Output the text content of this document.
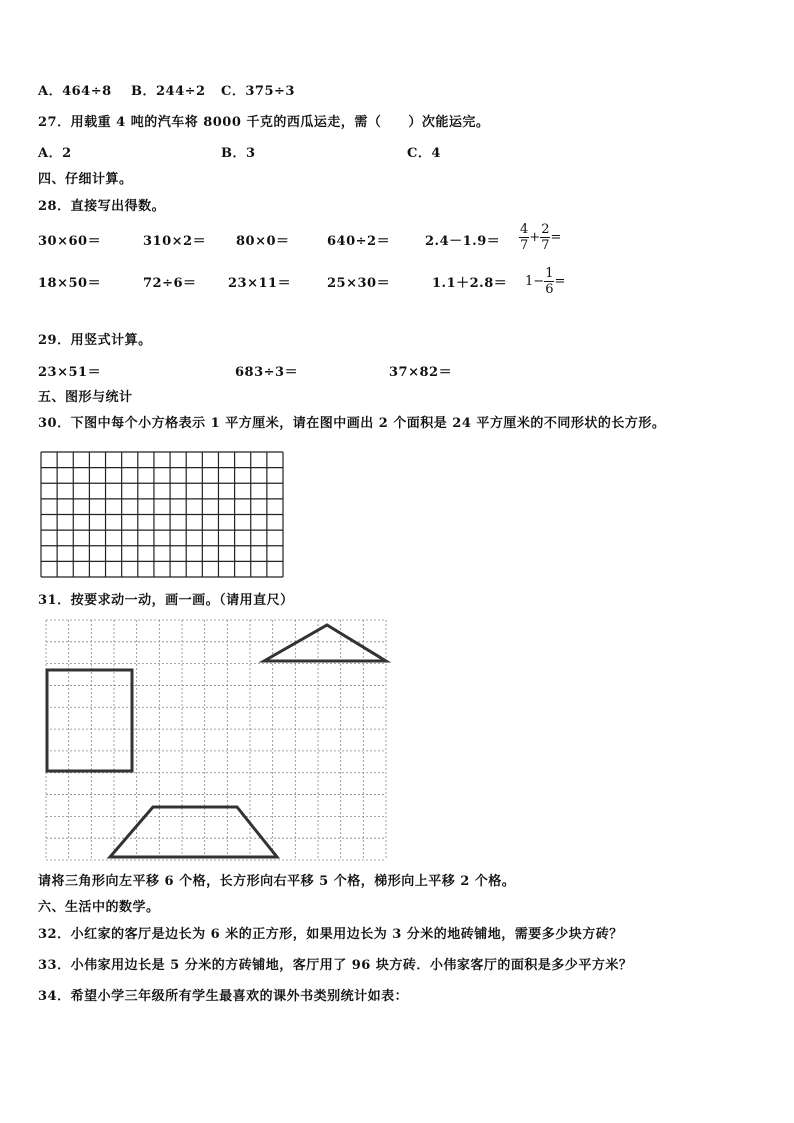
A．464÷8 B．244÷2 C．375÷3
27．用载重 4 吨的汽车将 8000 千克的西瓜运走，需（　　）次能运完。
A．2	B．3	C．4
四、仔细计算。
28．直接写出得数。
30×60＝	310×2＝ 80×0＝	640÷2＝	$2.4-1.9= \frac{4}{7} + \frac{2}{7}$ =
18×50＝	72÷6＝ 23×11＝	25×30＝	$1.1+2.8= 1- \frac{1}{6}$ =
29．用竖式计算。
23×51＝	683÷3＝	37×82＝
五、图形与统计
30．下图中每个小方格表示 1 平方厘米，请在图中画出 2 个面积是 24 平方厘米的不同形状的长方形。
31．按要求动一动，画一画。（请用直尺）
请将三角形向左平移 6 个格，长方形向右平移 5 个格，梯形向上平移 2 个格。
六、生活中的数学。
32．小红家的客厅是边长为 6 米的正方形，如果用边长为 3 分米的地砖铺地，需要多少块方砖？
33．小伟家用边长是 5 分米的方砖铺地，客厅用了 96 块方砖．小伟家客厅的面积是多少平方米？
34．希望小学三年级所有学生最喜欢的课外书类别统计如表：
